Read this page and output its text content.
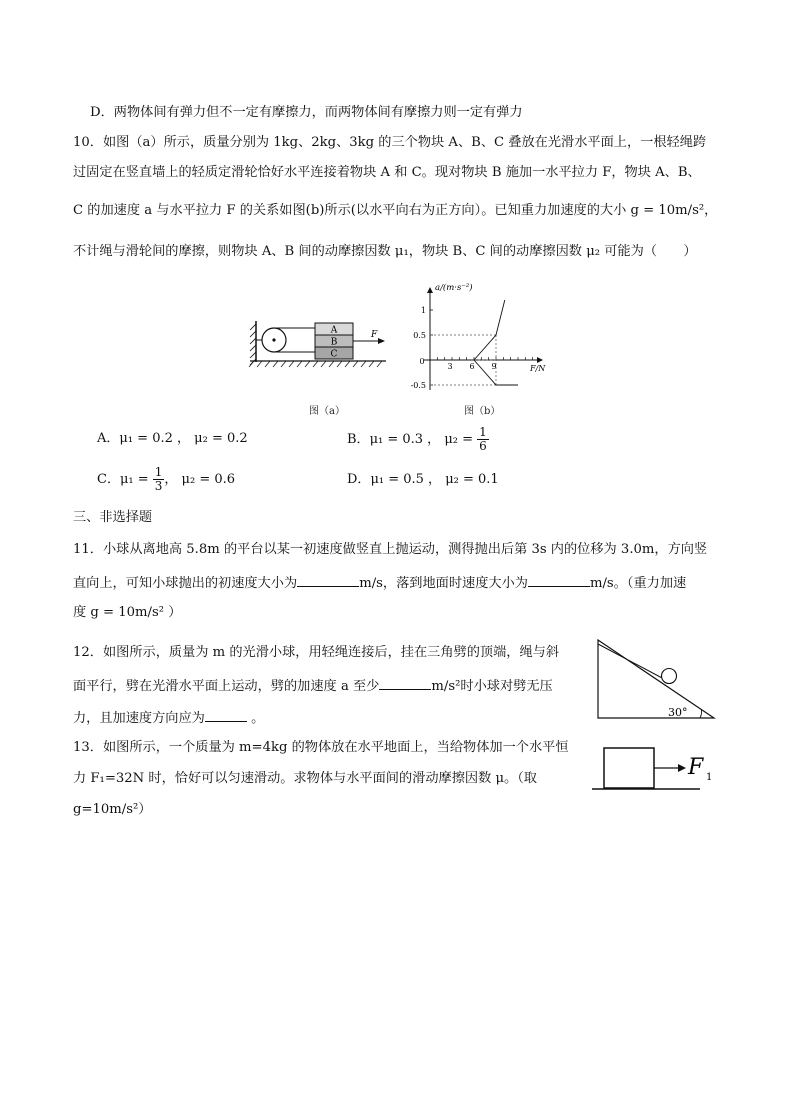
D．两物体间有弹力但不一定有摩擦力，而两物体间有摩擦力则一定有弹力
10．如图（a）所示，质量分别为 1kg、2kg、3kg 的三个物块 A、B、C 叠放在光滑水平面上，一根轻绳跨
过固定在竖直墙上的轻质定滑轮恰好水平连接着物块 A 和 C。现对物块 B 施加一水平拉力 F，物块 A、B、
C 的加速度 a 与水平拉力 F 的关系如图(b)所示(以水平向右为正方向）。已知重力加速度的大小 g = 10m/s²，
不计绳与滑轮间的摩擦，则物块 A、B 间的动摩擦因数 μ₁，物块 B、C 间的动摩擦因数 μ₂ 可能为（　　）
A
B
C
F
图（a）
a/(m·s⁻²)
F/N
0
3 6 9
-0.5
0.5
1
图（b）
A．μ₁ = 0.2 ， μ₂ = 0.2	B．μ₁ = 0.3 ， $\mu_2 = \frac{1}{6}$
C．$\mu_1 = \frac{1}{3}$ ， μ₂ = 0.6	D．μ₁ = 0.5 ， μ₂ = 0.1
三、非选择题
11．小球从离地高 5.8m 的平台以某一初速度做竖直上抛运动，测得抛出后第 3s 内的位移为 3.0m，方向竖
直向上，可知小球抛出的初速度大小为	m/s，落到地面时速度大小为	m/s。（重力加速
度 g = 10m/s² ）
12．如图所示，质量为 m 的光滑小球，用轻绳连接后，挂在三角劈的顶端，绳与斜
面平行，劈在光滑水平面上运动，劈的加速度 a 至少	m/s²时小球对劈无压
力，且加速度方向应为	。	30°
13．如图所示，一个质量为 m=4kg 的物体放在水平地面上，当给物体加一个水平恒
力 F₁=32N 时，恰好可以匀速滑动。求物体与水平面间的滑动摩擦因数 μ。（取
g=10m/s²）
F 1
